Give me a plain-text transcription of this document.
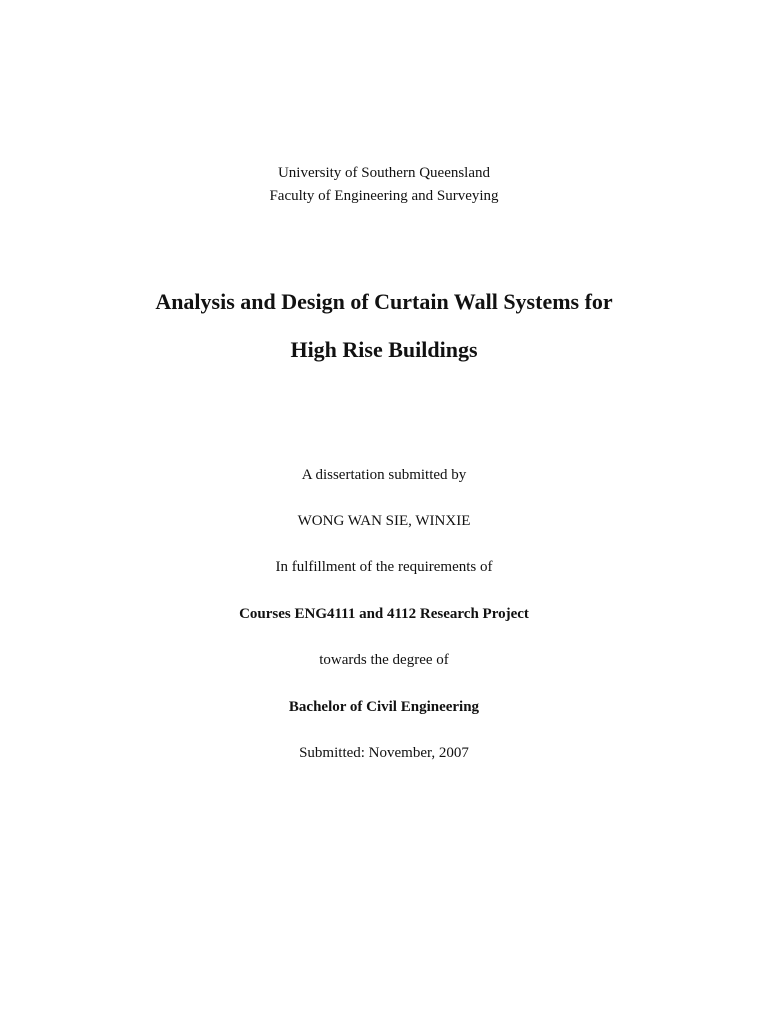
University of Southern Queensland

Faculty of Engineering and Surveying

Analysis and Design of Curtain Wall Systems for
High Rise Buildings

A dissertation submitted by

WONG WAN SIE, WINXIE

In fulfillment of the requirements of

Courses ENG4111 and 4112 Research Project

towards the degree of

Bachelor of Civil Engineering

Submitted: November, 2007
